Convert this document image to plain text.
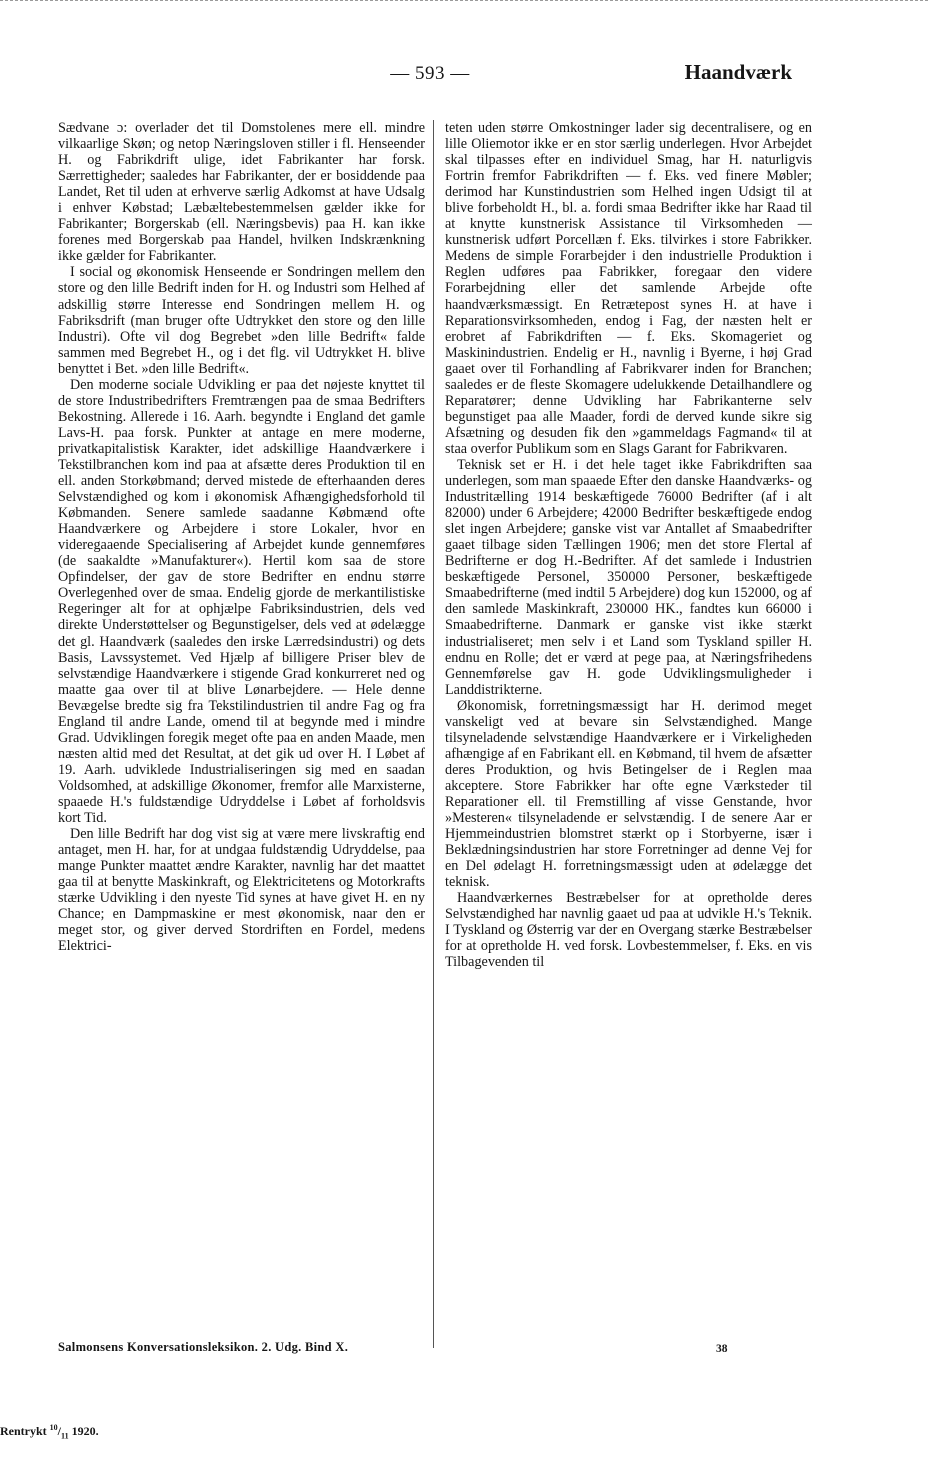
— 593 —	Haandværk

Sædvane ɔ: overlader det til Domstolenes mere ell. mindre vilkaarlige Skøn; og netop Næringsloven stiller i fl. Henseender H. og Fabrikdrift ulige, idet Fabrikanter har forsk. Særrettigheder; saaledes har Fabrikanter, der er bosiddende paa Landet, Ret til uden at erhverve særlig Adkomst at have Udsalg i enhver Købstad; Læbæltebestemmelsen gælder ikke for Fabrikanter; Borgerskab (ell. Næringsbevis) paa H. kan ikke forenes med Borgerskab paa Handel, hvilken Indskrænkning ikke gælder for Fabrikanter.

I social og økonomisk Henseende er Sondringen mellem den store og den lille Bedrift inden for H. og Industri som Helhed af adskillig større Interesse end Sondringen mellem H. og Fabriksdrift (man bruger ofte Udtrykket den store og den lille Industri). Ofte vil dog Begrebet »den lille Bedrift« falde sammen med Begrebet H., og i det flg. vil Udtrykket H. blive benyttet i Bet. »den lille Bedrift«.

Den moderne sociale Udvikling er paa det nøjeste knyttet til de store Industribedrifters Fremtrængen paa de smaa Bedrifters Bekostning. Allerede i 16. Aarh. begyndte i England det gamle Lavs-H. paa forsk. Punkter at antage en mere moderne, privatkapitalistisk Karakter, idet adskillige Haandværkere i Tekstilbranchen kom ind paa at afsætte deres Produktion til en ell. anden Storkøbmand; derved mistede de efterhaanden deres Selvstændighed og kom i økonomisk Afhængighedsforhold til Købmanden. Senere samlede saadanne Købmænd ofte Haandværkere og Arbejdere i store Lokaler, hvor en videregaaende Specialisering af Arbejdet kunde gennemføres (de saakaldte »Manufakturer«). Hertil kom saa de store Opfindelser, der gav de store Bedrifter en endnu større Overlegenhed over de smaa. Endelig gjorde de merkantilistiske Regeringer alt for at ophjælpe Fabriksindustrien, dels ved direkte Understøttelser og Begunstigelser, dels ved at ødelægge det gl. Haandværk (saaledes den irske Lærredsindustri) og dets Basis, Lavssystemet. Ved Hjælp af billigere Priser blev de selvstændige Haandværkere i stigende Grad konkurreret ned og maatte gaa over til at blive Lønarbejdere. — Hele denne Bevægelse bredte sig fra Tekstilindustrien til andre Fag og fra England til andre Lande, omend til at begynde med i mindre Grad. Udviklingen foregik meget ofte paa en anden Maade, men næsten altid med det Resultat, at det gik ud over H. I Løbet af 19. Aarh. udviklede Industrialiseringen sig med en saadan Voldsomhed, at adskillige Økonomer, fremfor alle Marxisterne, spaaede H.'s fuldstændige Udryddelse i Løbet af forholdsvis kort Tid.

Den lille Bedrift har dog vist sig at være mere livskraftig end antaget, men H. har, for at undgaa fuldstændig Udryddelse, paa mange Punkter maattet ændre Karakter, navnlig har det maattet gaa til at benytte Maskinkraft, og Elektricitetens og Motorkrafts stærke Udvikling i den nyeste Tid synes at have givet H. en ny Chance; en Dampmaskine er mest økonomisk, naar den er meget stor, og giver derved Stordriften en Fordel, medens Elektrici-

teten uden større Omkostninger lader sig decentralisere, og en lille Oliemotor ikke er en stor særlig underlegen. Hvor Arbejdet skal tilpasses efter en individuel Smag, har H. naturligvis Fortrin fremfor Fabrikdriften — f. Eks. ved finere Møbler; derimod har Kunstindustrien som Helhed ingen Udsigt til at blive forbeholdt H., bl. a. fordi smaa Bedrifter ikke har Raad til at knytte kunstnerisk Assistance til Virksomheden — kunstnerisk udført Porcellæn f. Eks. tilvirkes i store Fabrikker. Medens de simple Forarbejder i den industrielle Produktion i Reglen udføres paa Fabrikker, foregaar den videre Forarbejdning eller det samlende Arbejde ofte haandværksmæssigt. En Retrætepost synes H. at have i Reparationsvirksomheden, endog i Fag, der næsten helt er erobret af Fabrikdriften — f. Eks. Skomageriet og Maskinindustrien. Endelig er H., navnlig i Byerne, i høj Grad gaaet over til Forhandling af Fabrikvarer inden for Branchen; saaledes er de fleste Skomagere udelukkende Detailhandlere og Reparatører; denne Udvikling har Fabrikanterne selv begunstiget paa alle Maader, fordi de derved kunde sikre sig Afsætning og desuden fik den »gammeldags Fagmand« til at staa overfor Publikum som en Slags Garant for Fabrikvaren.

Teknisk set er H. i det hele taget ikke Fabrikdriften saa underlegen, som man spaaede Efter den danske Haandværks- og Industritælling 1914 beskæftigede 76000 Bedrifter (af i alt 82000) under 6 Arbejdere; 42000 Bedrifter beskæftigede endog slet ingen Arbejdere; ganske vist var Antallet af Smaabedrifter gaaet tilbage siden Tællingen 1906; men det store Flertal af Bedrifterne er dog H.-Bedrifter. Af det samlede i Industrien beskæftigede Personel, 350000 Personer, beskæftigede Smaabedrifterne (med indtil 5 Arbejdere) dog kun 152000, og af den samlede Maskinkraft, 230000 HK., fandtes kun 66000 i Smaabedrifterne. Danmark er ganske vist ikke stærkt industrialiseret; men selv i et Land som Tyskland spiller H. endnu en Rolle; det er værd at pege paa, at Næringsfrihedens Gennemførelse gav H. gode Udviklingsmuligheder i Landdistrikterne.

Økonomisk, forretningsmæssigt har H. derimod meget vanskeligt ved at bevare sin Selvstændighed. Mange tilsyneladende selvstændige Haandværkere er i Virkeligheden afhængige af en Fabrikant ell. en Købmand, til hvem de afsætter deres Produktion, og hvis Betingelser de i Reglen maa akceptere. Store Fabrikker har ofte egne Værksteder til Reparationer ell. til Fremstilling af visse Genstande, hvor »Mesteren« tilsyneladende er selvstændig. I de senere Aar er Hjemmeindustrien blomstret stærkt op i Storbyerne, især i Beklædningsindustrien har store Forretninger ad denne Vej for en Del ødelagt H. forretningsmæssigt uden at ødelægge det teknisk.

Haandværkernes Bestræbelser for at opretholde deres Selvstændighed har navnlig gaaet ud paa at udvikle H.'s Teknik. I Tyskland og Østerrig var der en Overgang stærke Bestræbelser for at opretholde H. ved forsk. Lovbestemmelser, f. Eks. en vis Tilbagevenden til

Salmonsens Konversationsleksikon. 2. Udg. Bind X.	38
Rentrykt $^{10}/_{11}$ 1920.
